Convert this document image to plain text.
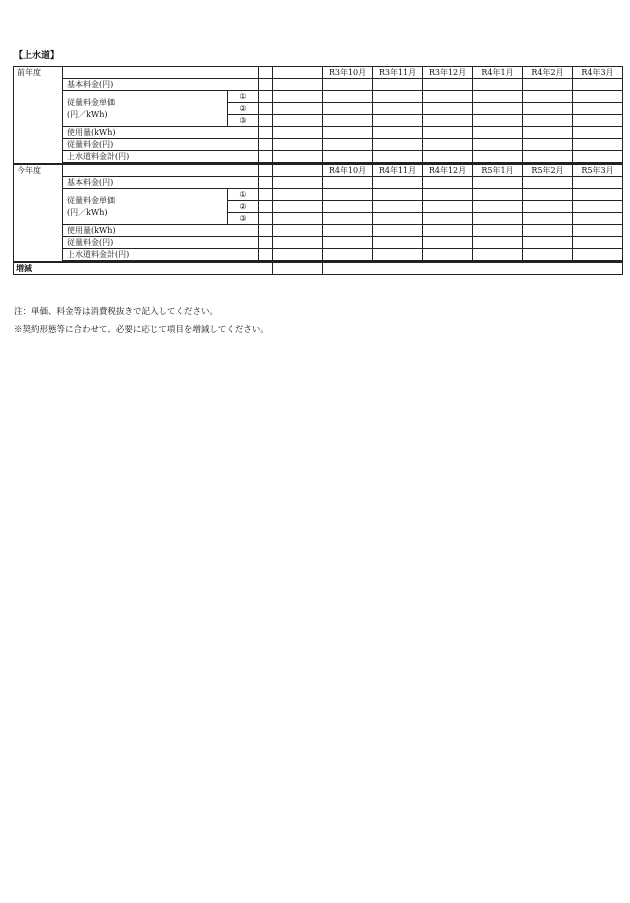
【上水道】
前年度					R3年10月	R3年11月	R3年12月	R4年1月	R4年2月	R4年3月
	基本料金(円)									
	従量料金単価
(円／kWh)	①								
		②								
		③								
	使用量(kWh)									
	従量料金(円)									
	上水道料金計(円)									

今年度					R4年10月	R4年11月	R4年12月	R5年1月	R5年2月	R5年3月
	基本料金(円)									
	従量料金単価
(円／kWh)	①								
		②								
		③								
	使用量(kWh)									
	従量料金(円)									
	上水道料金計(円)									

増減										
注：単価、料金等は消費税抜きで記入してください。
※契約形態等に合わせて、必要に応じて項目を増減してください。
